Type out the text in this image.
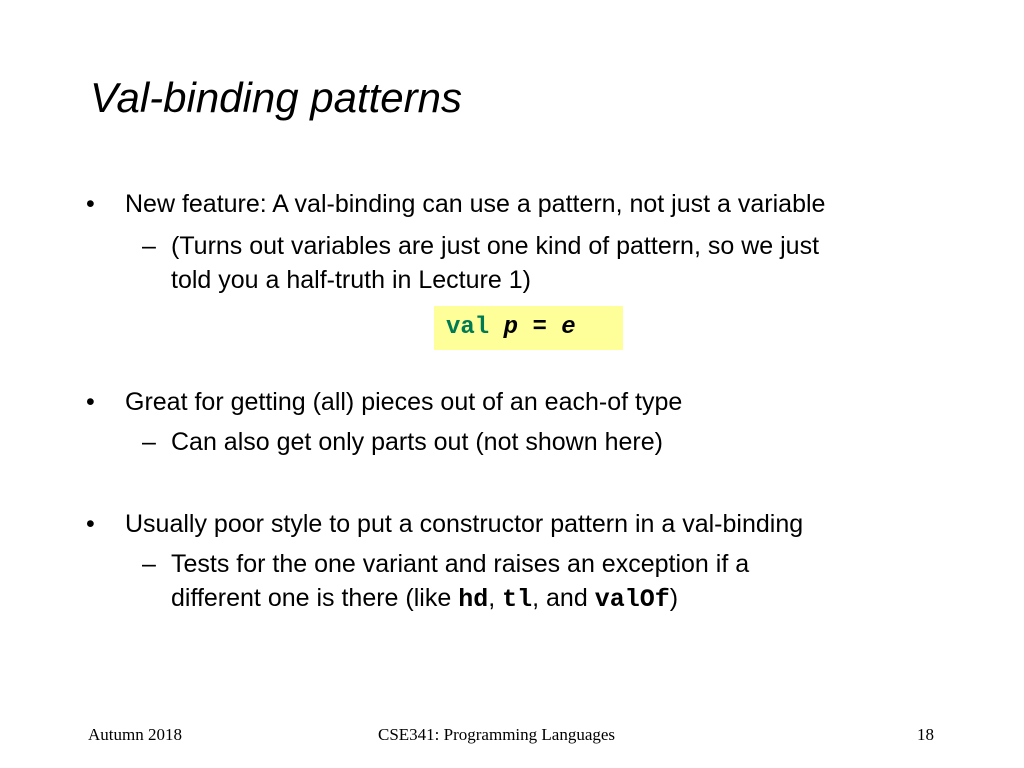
Val-binding patterns
• New feature: A val-binding can use a pattern, not just a variable
– (Turns out variables are just one kind of pattern, so we just
told you a half-truth in Lecture 1)
val p = e
• Great for getting (all) pieces out of an each-of type
– Can also get only parts out (not shown here)
• Usually poor style to put a constructor pattern in a val-binding
– Tests for the one variant and raises an exception if a
different one is there (like hd, tl, and valOf)
Autumn 2018	CSE341: Programming Languages	18
